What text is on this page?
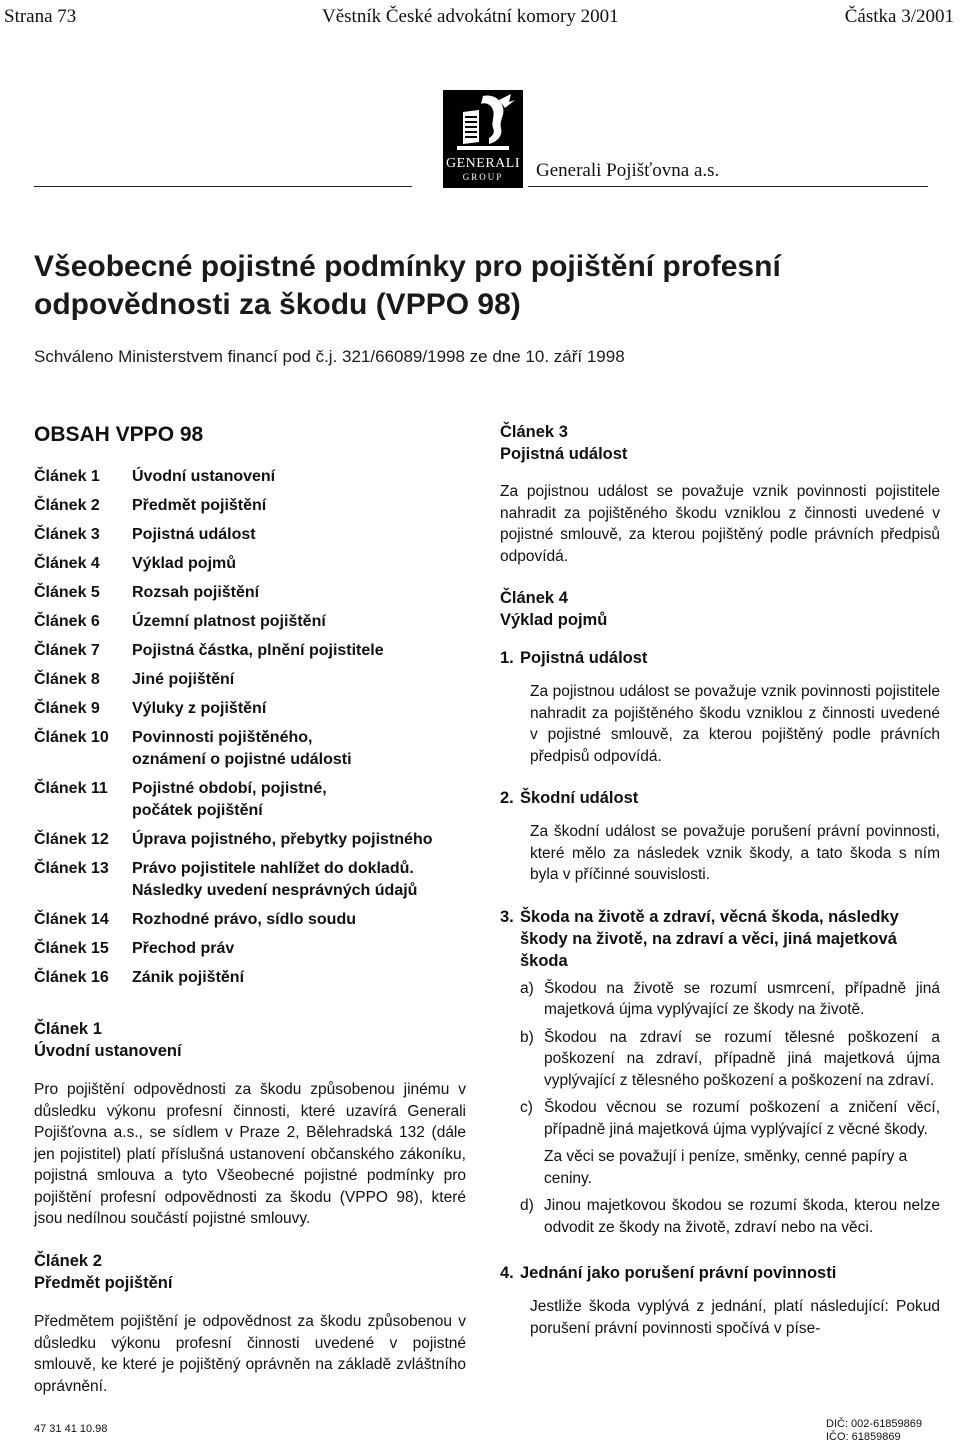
Strana 73	Věstník České advokátní komory 2001	Částka 3/2001
GENERALI
GROUP	Generali Pojišťovna a.s.
Všeobecné pojistné podmínky pro pojištění profesní
odpovědnosti za škodu (VPPO 98)
Schváleno Ministerstvem financí pod č.j. 321/66089/1998 ze dne 10. září 1998
OBSAH VPPO 98
Článek 1	Úvodní ustanovení
Článek 2	Předmět pojištění
Článek 3	Pojistná událost
Článek 4	Výklad pojmů
Článek 5	Rozsah pojištění
Článek 6	Územní platnost pojištění
Článek 7	Pojistná částka, plnění pojistitele
Článek 8	Jiné pojištění
Článek 9	Výluky z pojištění
Článek 10	Povinnosti pojištěného,
oznámení o pojistné události
Článek 11	Pojistné období, pojistné,
počátek pojištění
Článek 12	Úprava pojistného, přebytky pojistného
Článek 13	Právo pojistitele nahlížet do dokladů.
Následky uvedení nesprávných údajů
Článek 14	Rozhodné právo, sídlo soudu
Článek 15	Přechod práv
Článek 16	Zánik pojištění
Článek 1
Úvodní ustanovení

Pro pojištění odpovědnosti za škodu způsobenou jinému v důsledku výkonu profesní činnosti, které uzavírá Generali Pojišťovna a.s., se sídlem v Praze 2, Bělehradská 132 (dále jen pojistitel) platí příslušná ustanovení občanského zákoníku, pojistná smlouva a tyto Všeobecné pojistné podmínky pro pojištění profesní odpovědnosti za škodu (VPPO 98), které jsou nedílnou součástí pojistné smlouvy.

Článek 2
Předmět pojištění

Předmětem pojištění je odpovědnost za škodu způsobenou v důsledku výkonu profesní činnosti uvedené v pojistné smlouvě, ke které je pojištěný oprávněn na základě zvláštního oprávnění.

Článek 3
Pojistná událost
Za pojistnou událost se považuje vznik povinnosti pojistitele nahradit za pojištěného škodu vzniklou z činnosti uvedené v pojistné smlouvě, za kterou pojištěný podle právních předpisů odpovídá.
Článek 4
Výklad pojmů
1. Pojistná událost
Za pojistnou událost se považuje vznik povinnosti pojistitele nahradit za pojištěného škodu vzniklou z činnosti uvedené v pojistné smlouvě, za kterou pojištěný podle právních předpisů odpovídá.
2. Škodní událost
Za škodní událost se považuje porušení právní povinnosti, které mělo za následek vznik škody, a tato škoda s ním byla v příčinné souvislosti.
3. Škoda na životě a zdraví, věcná škoda, následky škody na životě, na zdraví a věci, jiná majetková škoda
a) Škodou na životě se rozumí usmrcení, případně jiná majetková újma vyplývající ze škody na životě.
b) Škodou na zdraví se rozumí tělesné poškození a poškození na zdraví, případně jiná majetková újma vyplývající z tělesného poškození a poškození na zdraví.
c) Škodou věcnou se rozumí poškození a zničení věcí, případně jiná majetková újma vyplývající z věcné škody.
Za věci se považují i peníze, směnky, cenné papíry a ceniny.
d) Jinou majetkovou škodou se rozumí škoda, kterou nelze odvodit ze škody na životě, zdraví nebo na věci.
4. Jednání jako porušení právní povinnosti
Jestliže škoda vyplývá z jednání, platí následující: Pokud porušení právní povinnosti spočívá v píse-
47 31 41 10.98	DIČ: 002-61859869
IČO: 61859869
